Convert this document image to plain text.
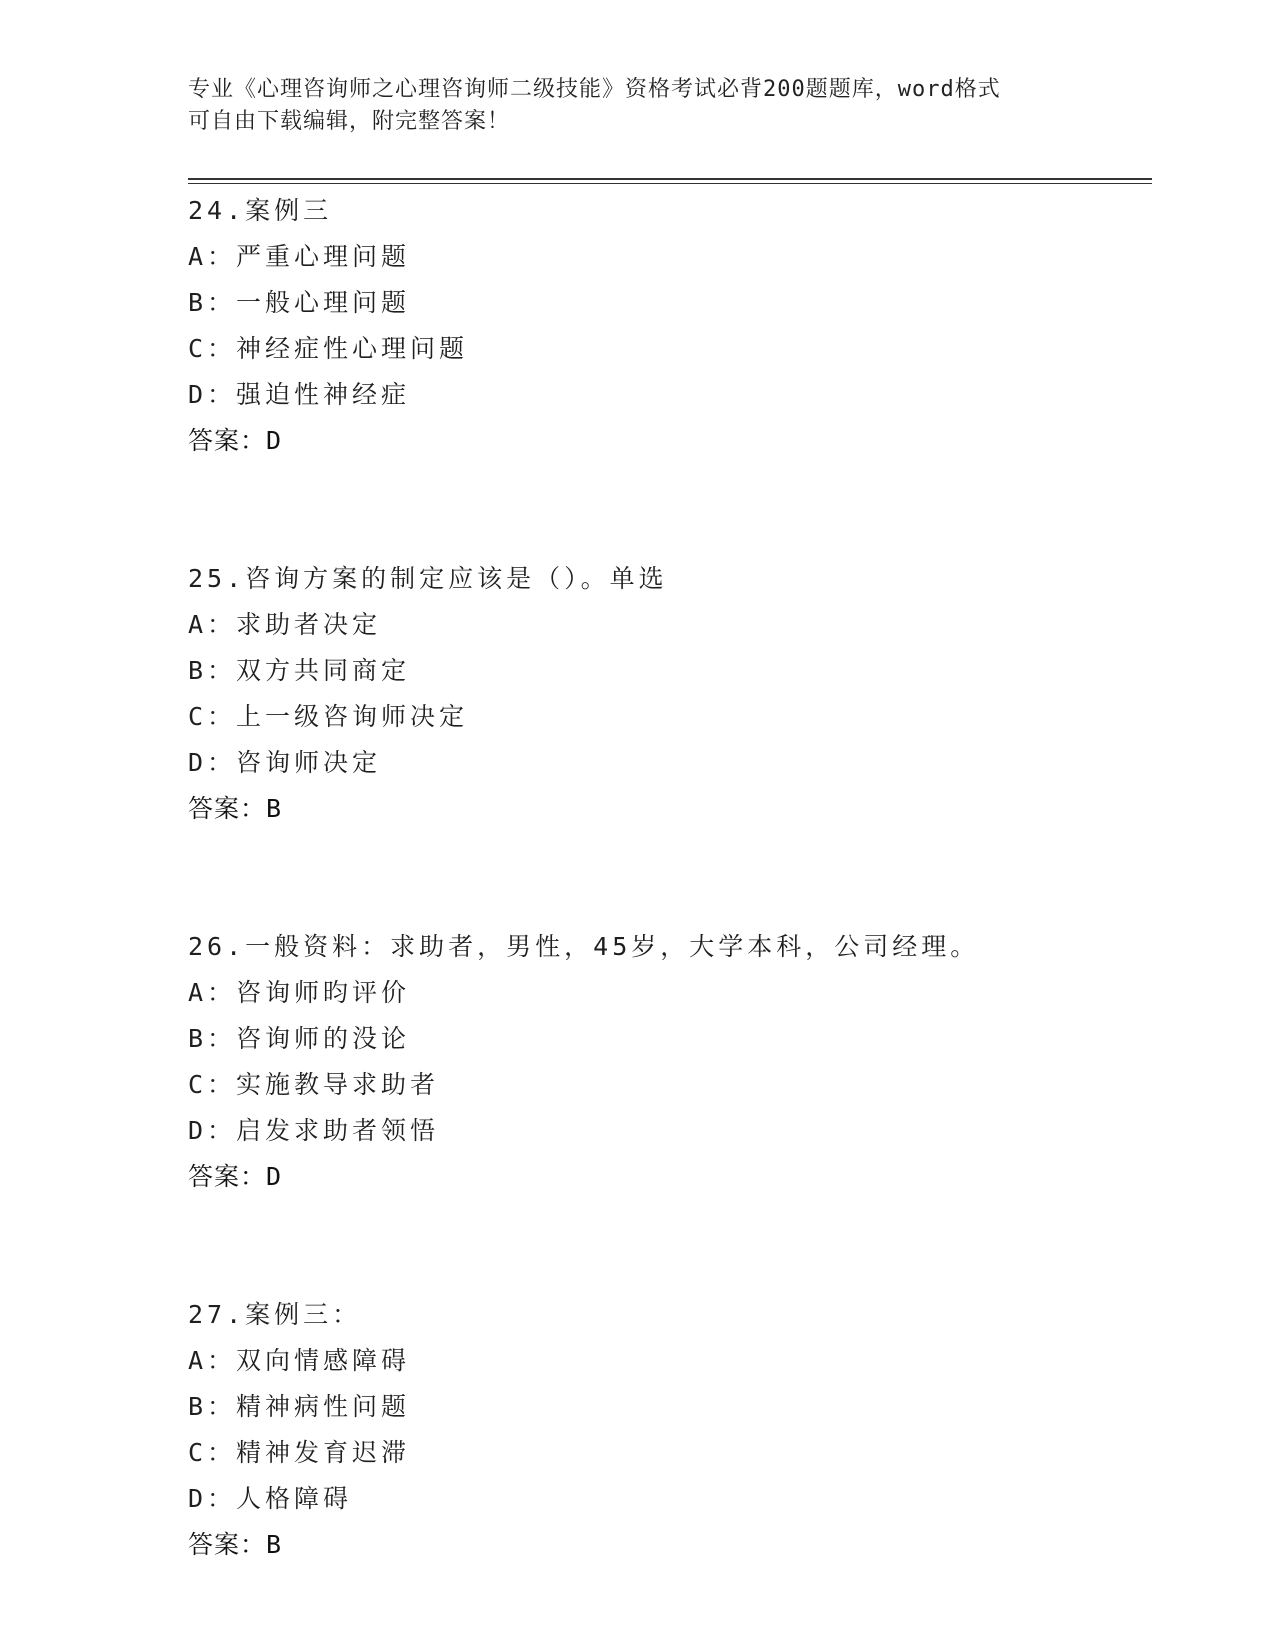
专业《心理咨询师之心理咨询师二级技能》资格考试必背200题题库，word格式
可自由下载编辑，附完整答案！
24.案例三
A：严重心理问题
B：一般心理问题
C：神经症性心理问题
D：强迫性神经症
答案：D
25.咨询方案的制定应该是（）。单选
A：求助者决定
B：双方共同商定
C：上一级咨询师决定
D：咨询师决定
答案：B
26.一般资料：求助者，男性，45岁，大学本科，公司经理。
A：咨询师昀评价
B：咨询师的没论
C：实施教导求助者
D：启发求助者领悟
答案：D
27.案例三：
A：双向情感障碍
B：精神病性问题
C：精神发育迟滞
D：人格障碍
答案：B
